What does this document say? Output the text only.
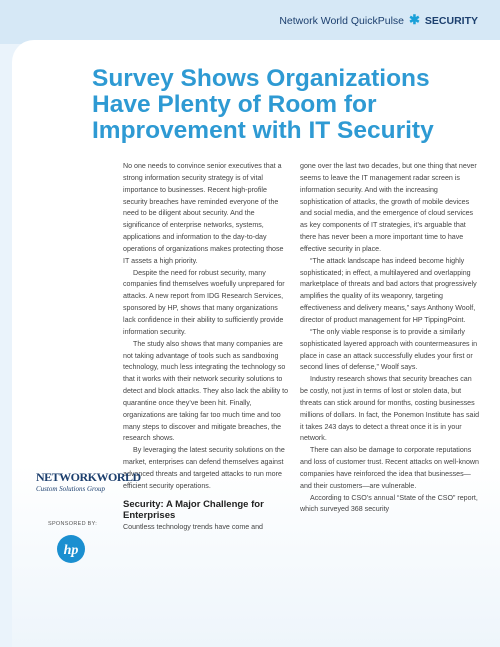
Network World QuickPulse ✱ SECURITY
Survey Shows Organizations Have Plenty of Room for Improvement with IT Security

No one needs to convince senior executives that a strong information security strategy is of vital importance to businesses. Recent high-profile security breaches have reminded everyone of the need to be diligent about security. And the significance of enterprise networks, systems, applications and information to the day-to-day operations of organizations makes protecting those IT assets a high priority.

Despite the need for robust security, many companies find themselves woefully unprepared for attacks. A new report from IDG Research Services, sponsored by HP, shows that many organizations lack confidence in their ability to sufficiently provide information security.

The study also shows that many companies are not taking advantage of tools such as sandboxing technology, much less integrating the technology so that it works with their network security solutions to detect and block attacks. They also lack the ability to quarantine once they’ve been hit. Finally, organizations are taking far too much time and too many steps to discover and mitigate breaches, the research shows.

By leveraging the latest security solutions on the market, enterprises can defend themselves against advanced threats and targeted attacks to run more efficient security operations.

Security: A Major Challenge for Enterprises

Countless technology trends have come and

gone over the last two decades, but one thing that never seems to leave the IT management radar screen is information security. And with the increasing sophistication of attacks, the growth of mobile devices and social media, and the emergence of cloud services as key components of IT strategies, it’s arguable that there has never been a more important time to have effective security in place.

“The attack landscape has indeed become highly sophisticated; in effect, a multilayered and overlapping marketplace of threats and bad actors that progressively amplifies the quality of its weaponry, targeting effectiveness and delivery means,” says Anthony Woolf, director of product management for HP TippingPoint.

“The only viable response is to provide a similarly sophisticated layered approach with countermeasures in place in case an attack successfully eludes your first or second lines of defense,” Woolf says.

Industry research shows that security breaches can be costly, not just in terms of lost or stolen data, but threats can stick around for months, costing businesses millions of dollars. In fact, the Ponemon Institute has said it takes 243 days to detect a threat once it is in your network.

There can also be damage to corporate reputations and loss of customer trust. Recent attacks on well-known companies have reinforced the idea that businesses—and their customers—are vulnerable.

According to CSO’s annual “State of the CSO” report, which surveyed 368 security

NETWORKWORLD
Custom Solutions Group
SPONSORED BY:
hp
